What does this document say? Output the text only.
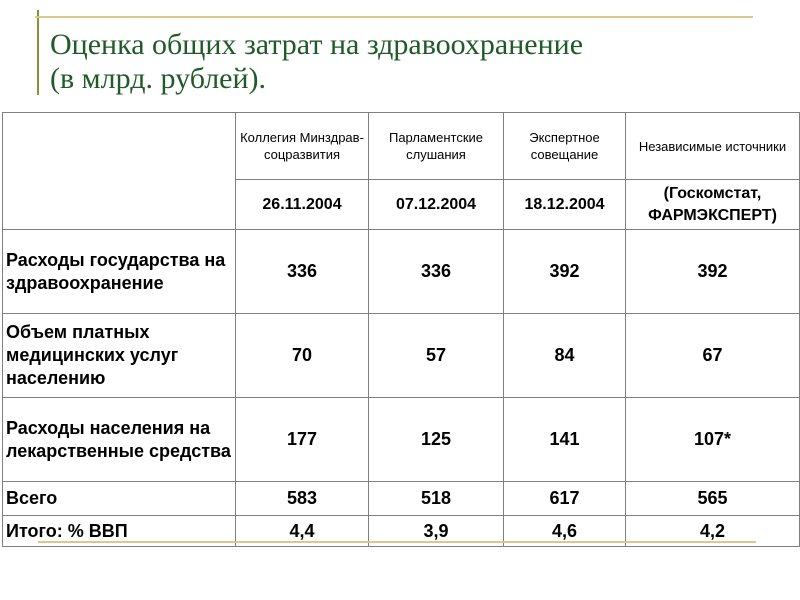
Оценка общих затрат на здравоохранение
(в млрд. рублей).
	Коллегия Минздрав-соцразвития	Парламентские слушания	Экспертное совещание	Независимые источники
	26.11.2004	07.12.2004	18.12.2004	(Госкомстат, ФАРМЭКСПЕРТ)
Расходы государства на здравоохранение	336	336	392	392
Объем платных медицинских услуг населению	70	57	84	67
Расходы населения на лекарственные средства	177	125	141	107*
Всего	583	518	617	565
Итого: % ВВП	4,4	3,9	4,6	4,2
